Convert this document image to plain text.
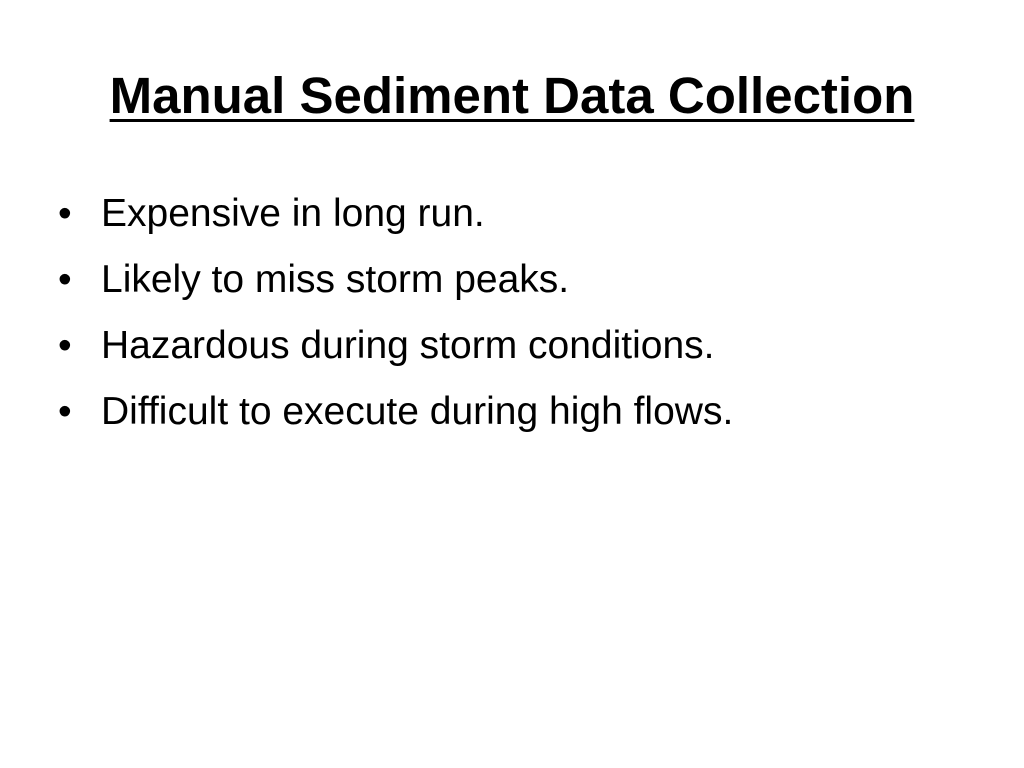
Manual Sediment Data Collection
• Expensive in long run.
• Likely to miss storm peaks.
• Hazardous during storm conditions.
• Difficult to execute during high flows.
